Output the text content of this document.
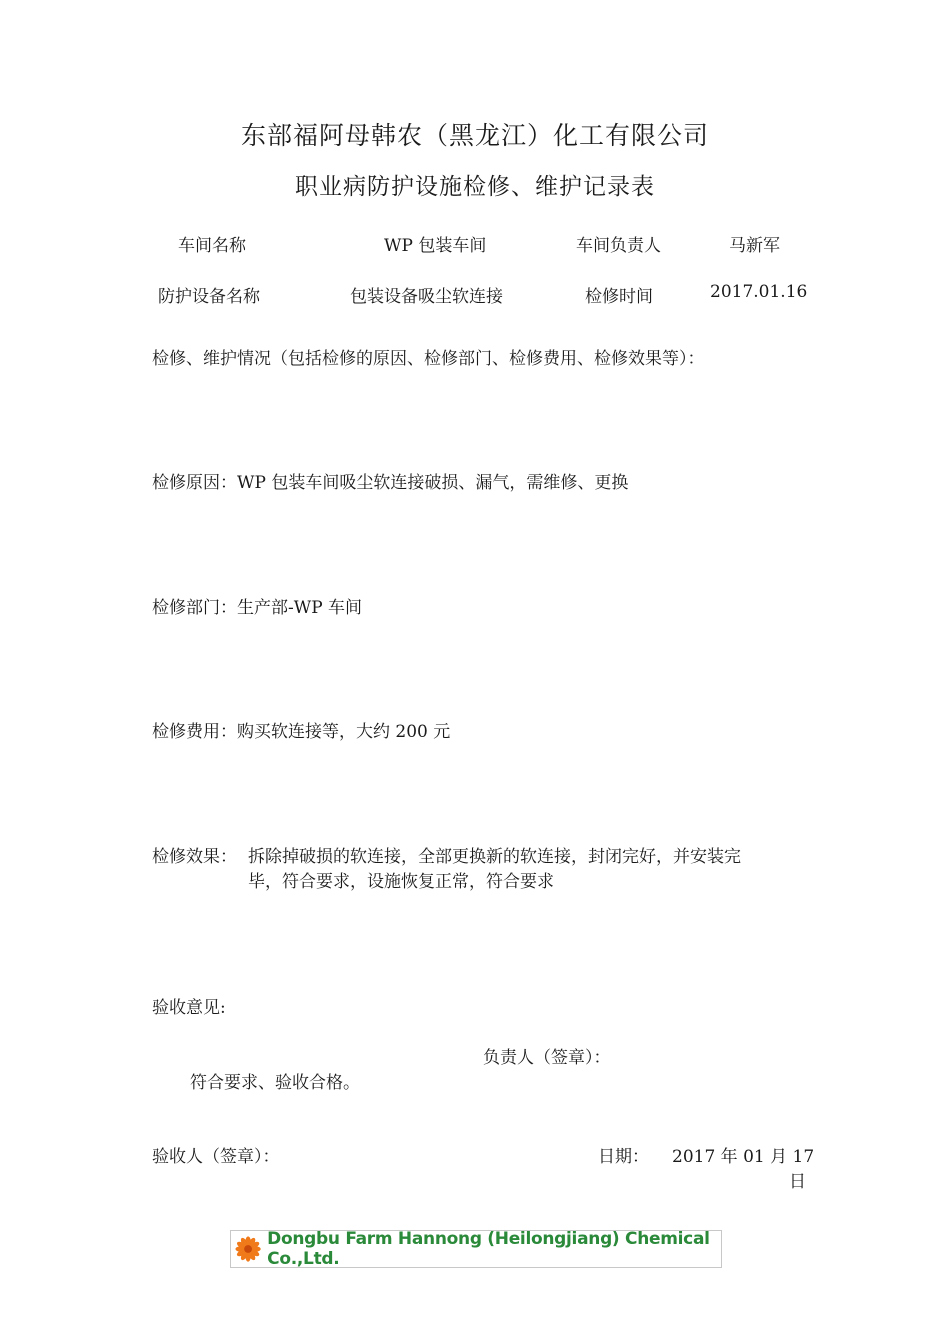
东部福阿母韩农（黑龙江）化工有限公司
职业病防护设施检修、维护记录表
车间名称	WP 包装车间	车间负责人	马新军
防护设备名称	包装设备吸尘软连接	检修时间	2017.01.16
检修、维护情况（包括检修的原因、检修部门、检修费用、检修效果等）：
检修原因：WP 包装车间吸尘软连接破损、漏气，需维修、更换
检修部门：生产部-WP 车间
检修费用：购买软连接等，大约 200 元
检修效果： 拆除掉破损的软连接，全部更换新的软连接，封闭完好，并安装完
毕，符合要求，设施恢复正常，符合要求
验收意见:
负责人（签章）：
符合要求、验收合格。
验收人（签章）：	日期： 2017 年 01 月 17
日
Dongbu Farm Hannong (Heilongjiang) Chemical Co.,Ltd.
